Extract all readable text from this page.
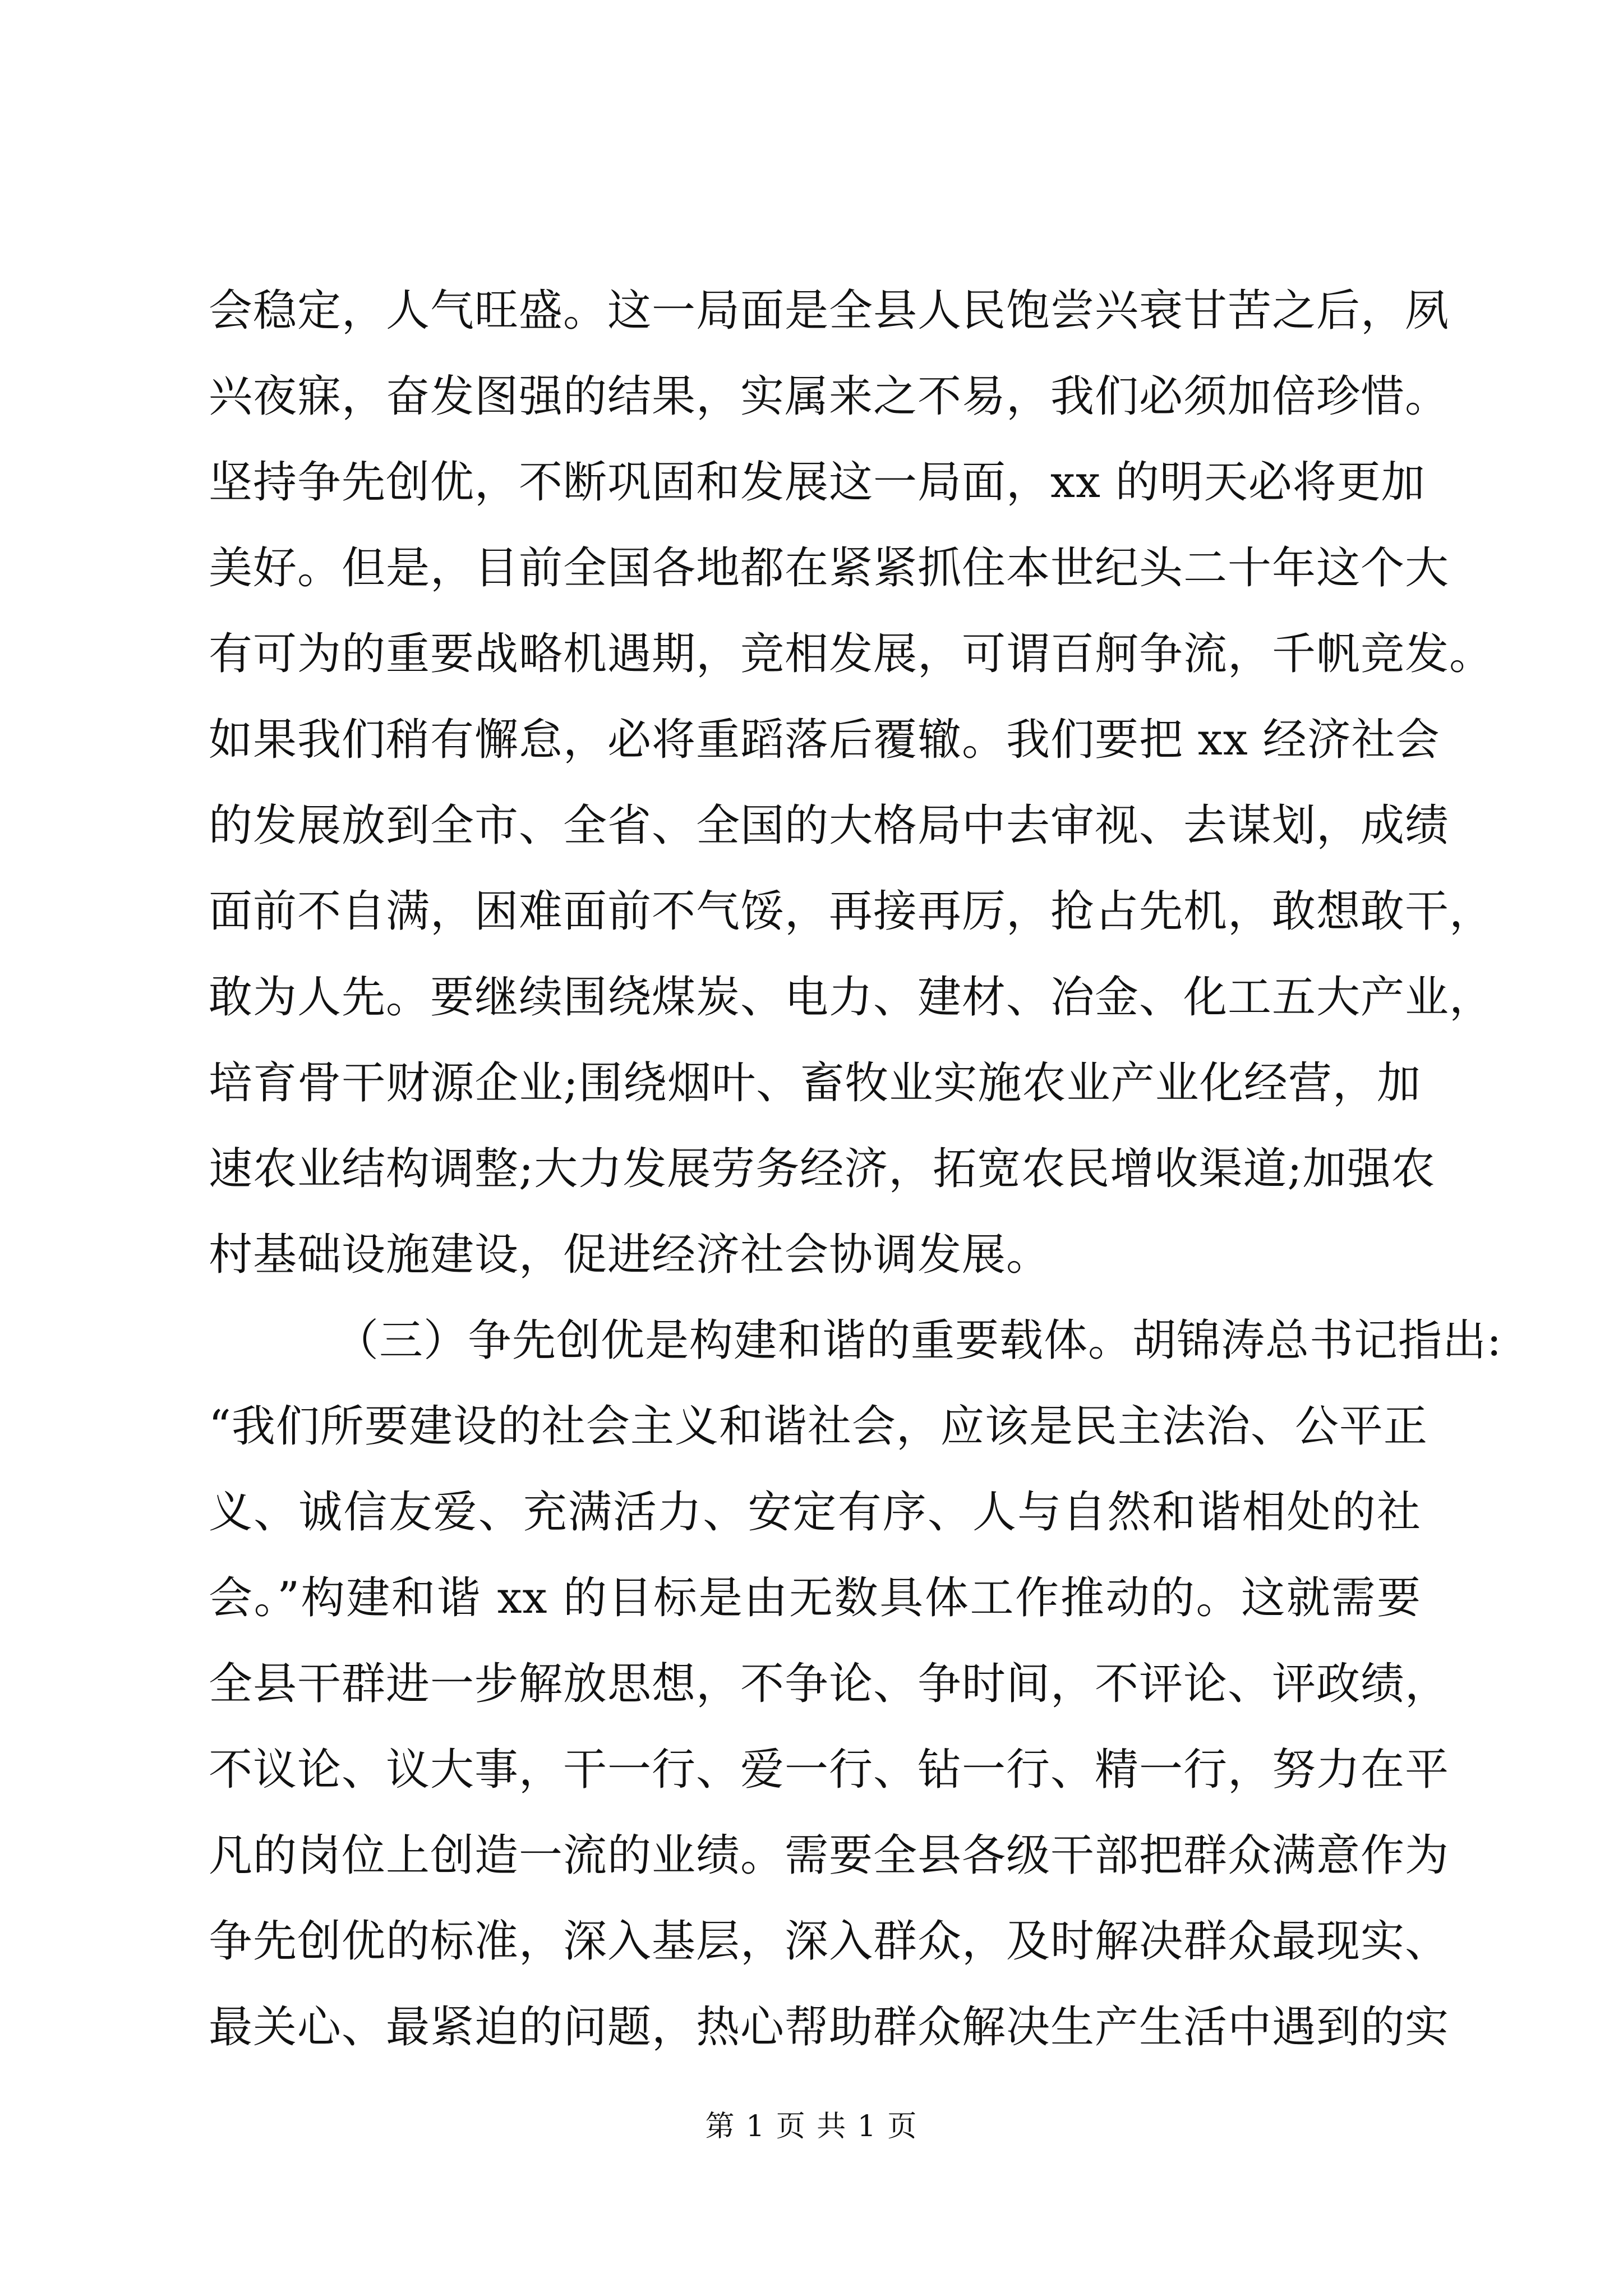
会稳定，人气旺盛。这一局面是全县人民饱尝兴衰甘苦之后，夙
兴夜寐，奋发图强的结果，实属来之不易，我们必须加倍珍惜。
坚持争先创优，不断巩固和发展这一局面，xx 的明天必将更加
美好。但是，目前全国各地都在紧紧抓住本世纪头二十年这个大
有可为的重要战略机遇期，竞相发展，可谓百舸争流，千帆竞发。
如果我们稍有懈怠，必将重蹈落后覆辙。我们要把 xx 经济社会
的发展放到全市、全省、全国的大格局中去审视、去谋划，成绩
面前不自满，困难面前不气馁，再接再厉，抢占先机，敢想敢干，
敢为人先。要继续围绕煤炭、电力、建材、冶金、化工五大产业，
培育骨干财源企业;围绕烟叶、畜牧业实施农业产业化经营，加
速农业结构调整;大力发展劳务经济，拓宽农民增收渠道;加强农
村基础设施建设，促进经济社会协调发展。
（三）争先创优是构建和谐的重要载体。胡锦涛总书记指出:
“我们所要建设的社会主义和谐社会，应该是民主法治、公平正
义、诚信友爱、充满活力、安定有序、人与自然和谐相处的社
会。”构建和谐 xx 的目标是由无数具体工作推动的。这就需要
全县干群进一步解放思想，不争论、争时间，不评论、评政绩，
不议论、议大事，干一行、爱一行、钻一行、精一行，努力在平
凡的岗位上创造一流的业绩。需要全县各级干部把群众满意作为
争先创优的标准，深入基层，深入群众，及时解决群众最现实、
最关心、最紧迫的问题，热心帮助群众解决生产生活中遇到的实
第 1 页 共 1 页
